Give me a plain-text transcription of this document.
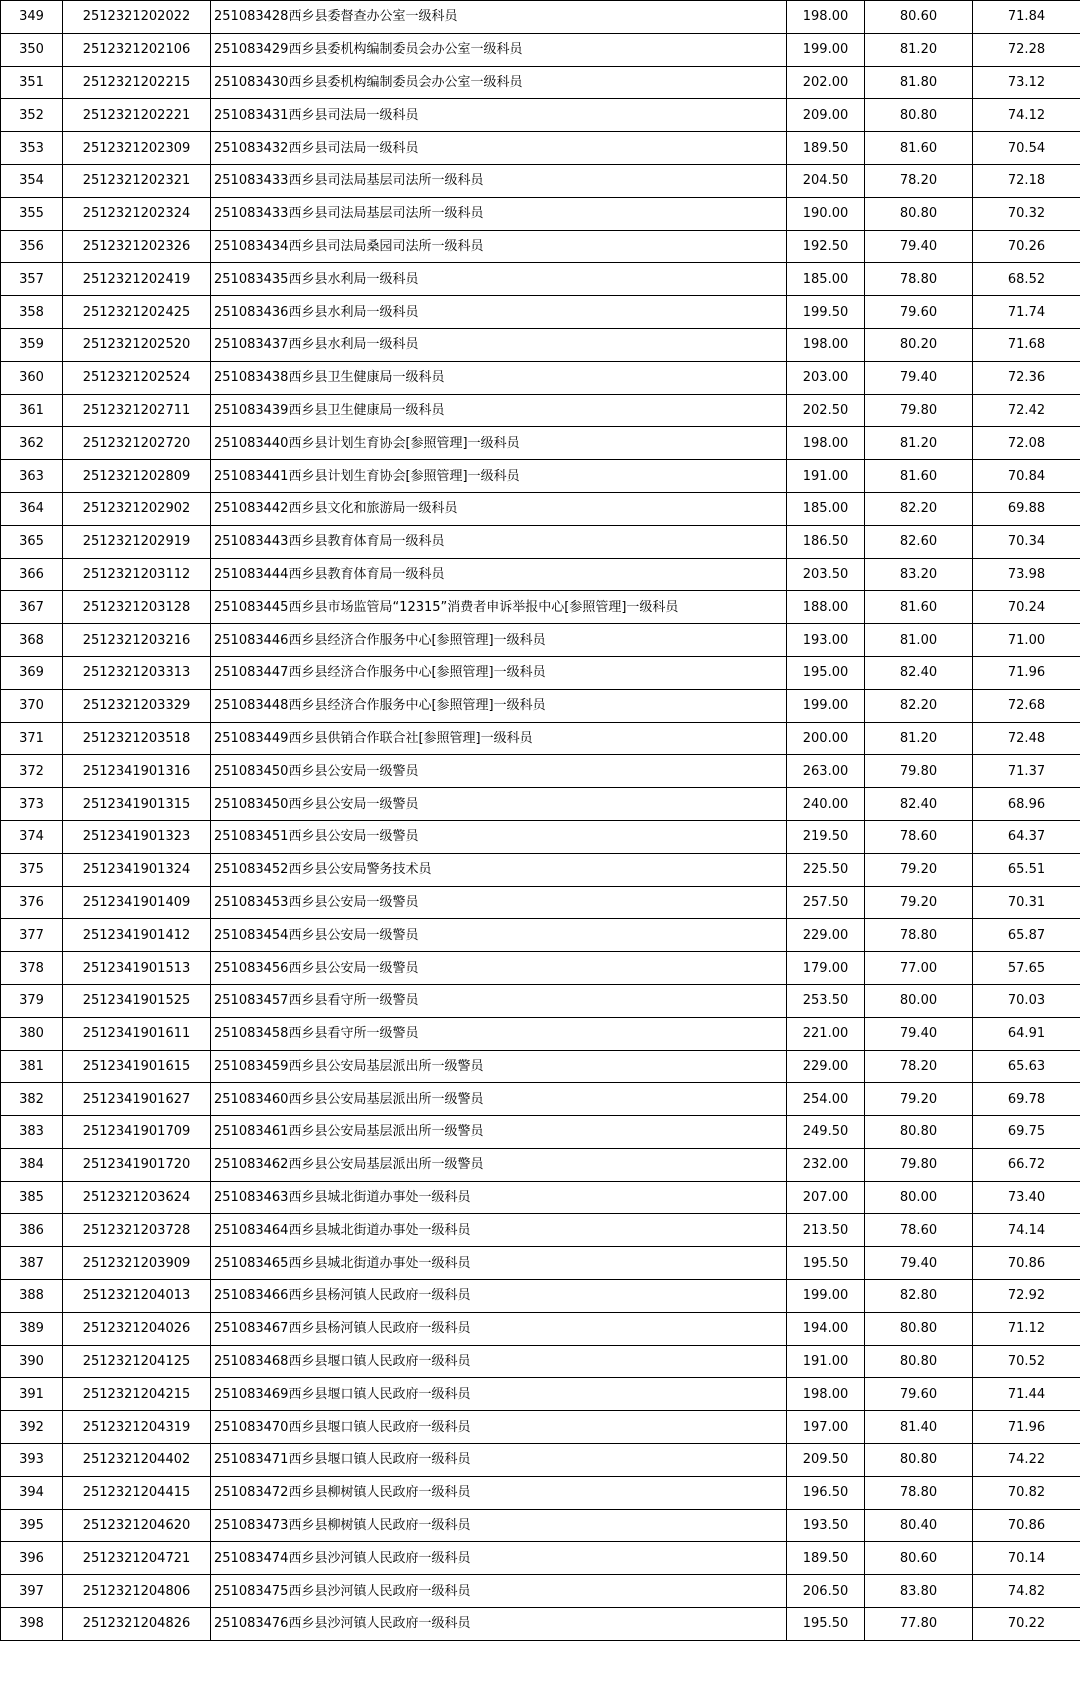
349	2512321202022	251083428西乡县委督查办公室一级科员	198.00	80.60	71.84
350	2512321202106	251083429西乡县委机构编制委员会办公室一级科员	199.00	81.20	72.28
351	2512321202215	251083430西乡县委机构编制委员会办公室一级科员	202.00	81.80	73.12
352	2512321202221	251083431西乡县司法局一级科员	209.00	80.80	74.12
353	2512321202309	251083432西乡县司法局一级科员	189.50	81.60	70.54
354	2512321202321	251083433西乡县司法局基层司法所一级科员	204.50	78.20	72.18
355	2512321202324	251083433西乡县司法局基层司法所一级科员	190.00	80.80	70.32
356	2512321202326	251083434西乡县司法局桑园司法所一级科员	192.50	79.40	70.26
357	2512321202419	251083435西乡县水利局一级科员	185.00	78.80	68.52
358	2512321202425	251083436西乡县水利局一级科员	199.50	79.60	71.74
359	2512321202520	251083437西乡县水利局一级科员	198.00	80.20	71.68
360	2512321202524	251083438西乡县卫生健康局一级科员	203.00	79.40	72.36
361	2512321202711	251083439西乡县卫生健康局一级科员	202.50	79.80	72.42
362	2512321202720	251083440西乡县计划生育协会[参照管理]一级科员	198.00	81.20	72.08
363	2512321202809	251083441西乡县计划生育协会[参照管理]一级科员	191.00	81.60	70.84
364	2512321202902	251083442西乡县文化和旅游局一级科员	185.00	82.20	69.88
365	2512321202919	251083443西乡县教育体育局一级科员	186.50	82.60	70.34
366	2512321203112	251083444西乡县教育体育局一级科员	203.50	83.20	73.98
367	2512321203128	251083445西乡县市场监管局“12315”消费者申诉举报中心[参照管理]一级科员	188.00	81.60	70.24
368	2512321203216	251083446西乡县经济合作服务中心[参照管理]一级科员	193.00	81.00	71.00
369	2512321203313	251083447西乡县经济合作服务中心[参照管理]一级科员	195.00	82.40	71.96
370	2512321203329	251083448西乡县经济合作服务中心[参照管理]一级科员	199.00	82.20	72.68
371	2512321203518	251083449西乡县供销合作联合社[参照管理]一级科员	200.00	81.20	72.48
372	2512341901316	251083450西乡县公安局一级警员	263.00	79.80	71.37
373	2512341901315	251083450西乡县公安局一级警员	240.00	82.40	68.96
374	2512341901323	251083451西乡县公安局一级警员	219.50	78.60	64.37
375	2512341901324	251083452西乡县公安局警务技术员	225.50	79.20	65.51
376	2512341901409	251083453西乡县公安局一级警员	257.50	79.20	70.31
377	2512341901412	251083454西乡县公安局一级警员	229.00	78.80	65.87
378	2512341901513	251083456西乡县公安局一级警员	179.00	77.00	57.65
379	2512341901525	251083457西乡县看守所一级警员	253.50	80.00	70.03
380	2512341901611	251083458西乡县看守所一级警员	221.00	79.40	64.91
381	2512341901615	251083459西乡县公安局基层派出所一级警员	229.00	78.20	65.63
382	2512341901627	251083460西乡县公安局基层派出所一级警员	254.00	79.20	69.78
383	2512341901709	251083461西乡县公安局基层派出所一级警员	249.50	80.80	69.75
384	2512341901720	251083462西乡县公安局基层派出所一级警员	232.00	79.80	66.72
385	2512321203624	251083463西乡县城北街道办事处一级科员	207.00	80.00	73.40
386	2512321203728	251083464西乡县城北街道办事处一级科员	213.50	78.60	74.14
387	2512321203909	251083465西乡县城北街道办事处一级科员	195.50	79.40	70.86
388	2512321204013	251083466西乡县杨河镇人民政府一级科员	199.00	82.80	72.92
389	2512321204026	251083467西乡县杨河镇人民政府一级科员	194.00	80.80	71.12
390	2512321204125	251083468西乡县堰口镇人民政府一级科员	191.00	80.80	70.52
391	2512321204215	251083469西乡县堰口镇人民政府一级科员	198.00	79.60	71.44
392	2512321204319	251083470西乡县堰口镇人民政府一级科员	197.00	81.40	71.96
393	2512321204402	251083471西乡县堰口镇人民政府一级科员	209.50	80.80	74.22
394	2512321204415	251083472西乡县柳树镇人民政府一级科员	196.50	78.80	70.82
395	2512321204620	251083473西乡县柳树镇人民政府一级科员	193.50	80.40	70.86
396	2512321204721	251083474西乡县沙河镇人民政府一级科员	189.50	80.60	70.14
397	2512321204806	251083475西乡县沙河镇人民政府一级科员	206.50	83.80	74.82
398	2512321204826	251083476西乡县沙河镇人民政府一级科员	195.50	77.80	70.22
